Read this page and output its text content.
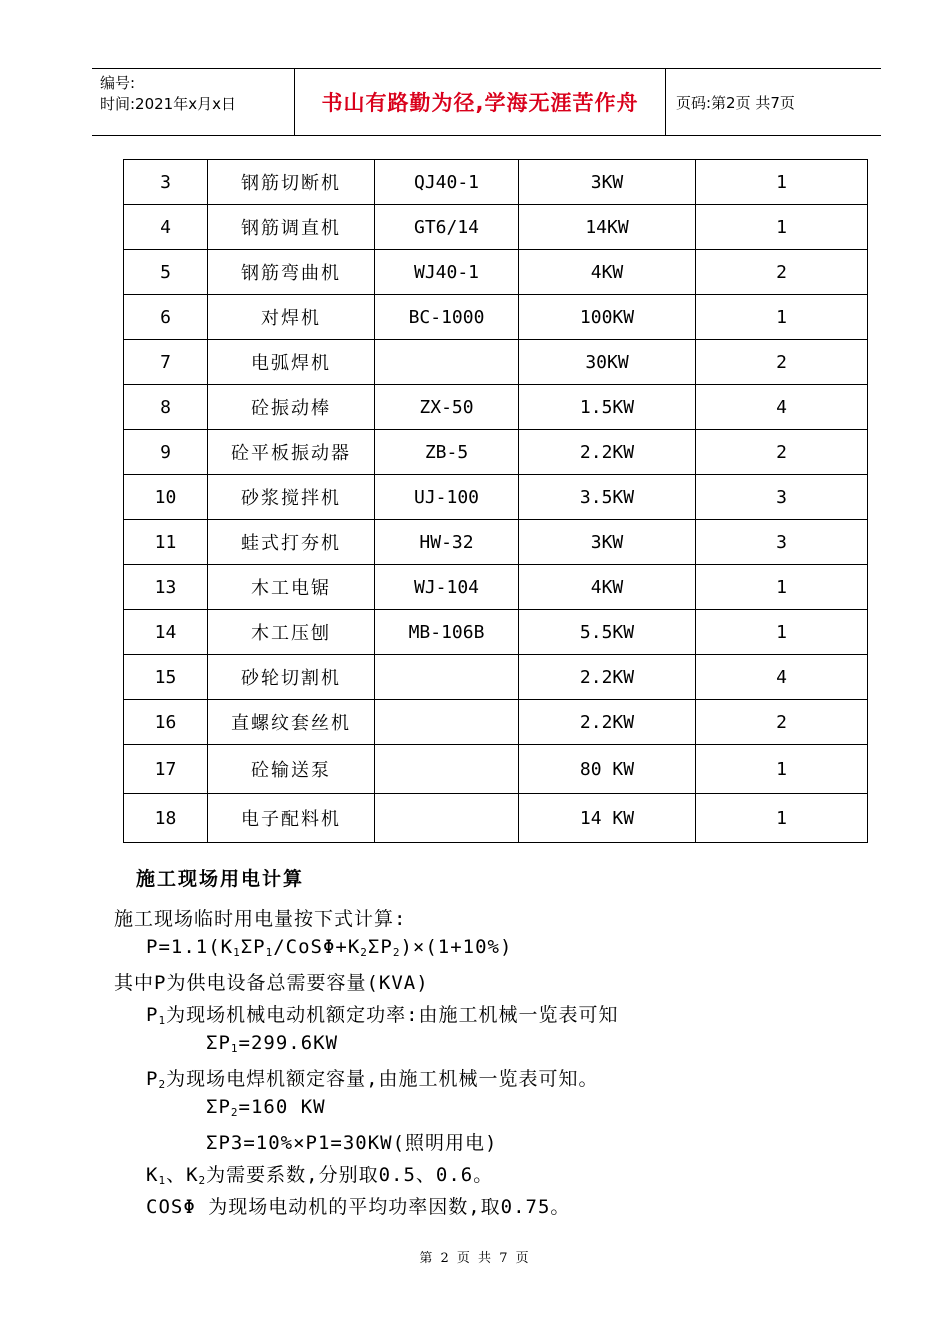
编号:
时间:2021年x月x日	书山有路勤为径,学海无涯苦作舟	页码:第2页 共7页
3	钢筋切断机	QJ40-1	3KW	1
4	钢筋调直机	GT6/14	14KW	1
5	钢筋弯曲机	WJ40-1	4KW	2
6	对焊机	BC-1000	100KW	1
7	电弧焊机		30KW	2
8	砼振动棒	ZX-50	1.5KW	4
9	砼平板振动器	ZB-5	2.2KW	2
10	砂浆搅拌机	UJ-100	3.5KW	3
11	蛙式打夯机	HW-32	3KW	3
13	木工电锯	WJ-104	4KW	1
14	木工压刨	MB-106B	5.5KW	1
15	砂轮切割机		2.2KW	4
16	直螺纹套丝机		2.2KW	2
17	砼输送泵		80 KW	1
18	电子配料机		14 KW	1
施工现场用电计算
施工现场临时用电量按下式计算:
$P=1.1(K_1\Sigma P_1/CoS\Phi+K_2\Sigma P_2)\times(1+10\%)$
其中P为供电设备总需要容量(KVA)
$P_1$为现场机械电动机额定功率:由施工机械一览表可知
$\Sigma P_1=299.6KW$
$P_2$为现场电焊机额定容量,由施工机械一览表可知。
$\Sigma P_2=160$ KW
ΣP3=10%×P1=30KW(照明用电)
$K_1$、$K_2$为需要系数,分别取0.5、0.6。
COSΦ 为现场电动机的平均功率因数,取0.75。
第 2 页 共 7 页
